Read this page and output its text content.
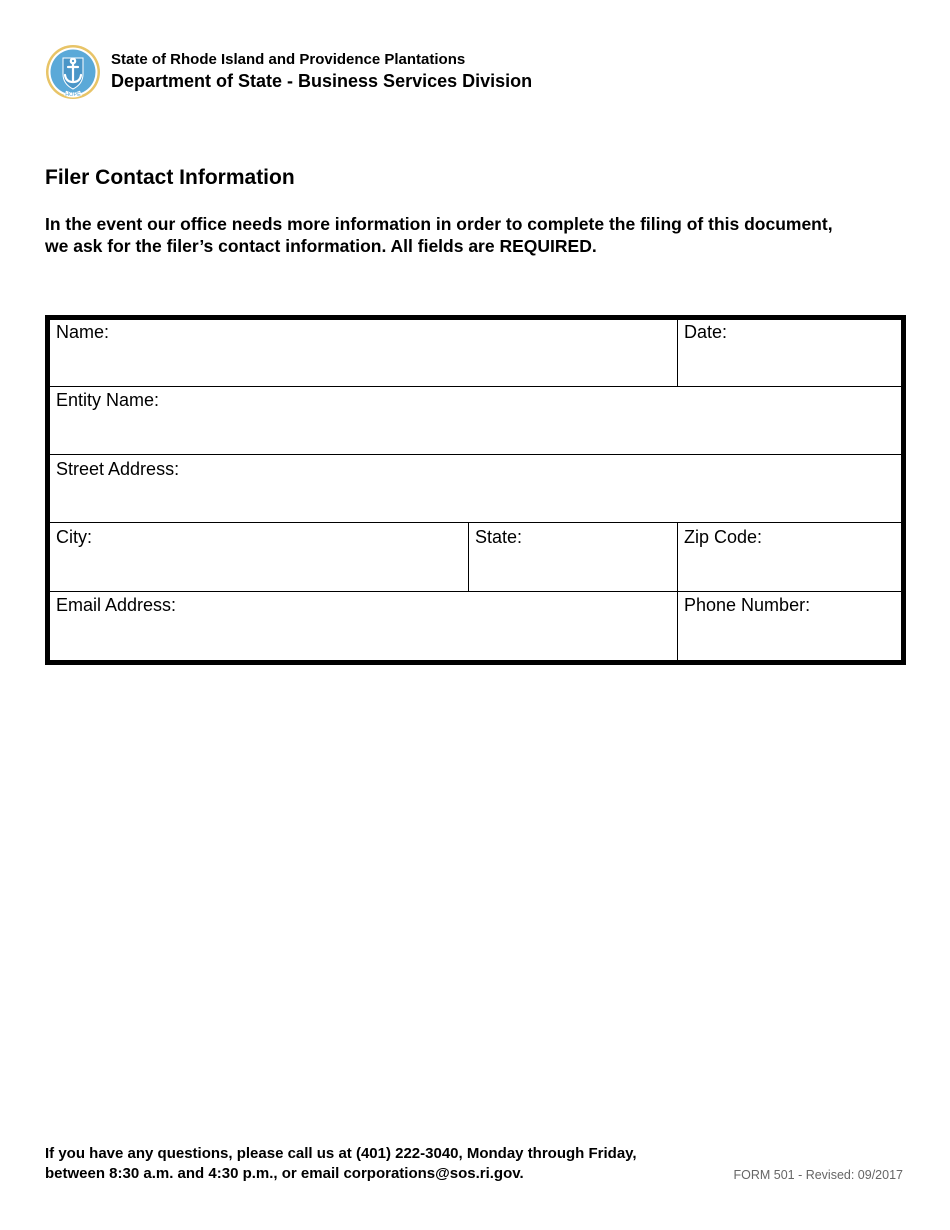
HOPE
State of Rhode Island and Providence Plantations
Department of State - Business Services Division
Filer Contact Information
In the event our office needs more information in order to complete the filing of this document, we ask for the filer’s contact information. All fields are REQUIRED.
Name:	Date:
Entity Name:
Street Address:
City:	State:	Zip Code:
Email Address:	Phone Number:
If you have any questions, please call us at (401) 222-3040, Monday through Friday,
between 8:30 a.m. and 4:30 p.m., or email corporations@sos.ri.gov.	FORM 501 - Revised: 09/2017
